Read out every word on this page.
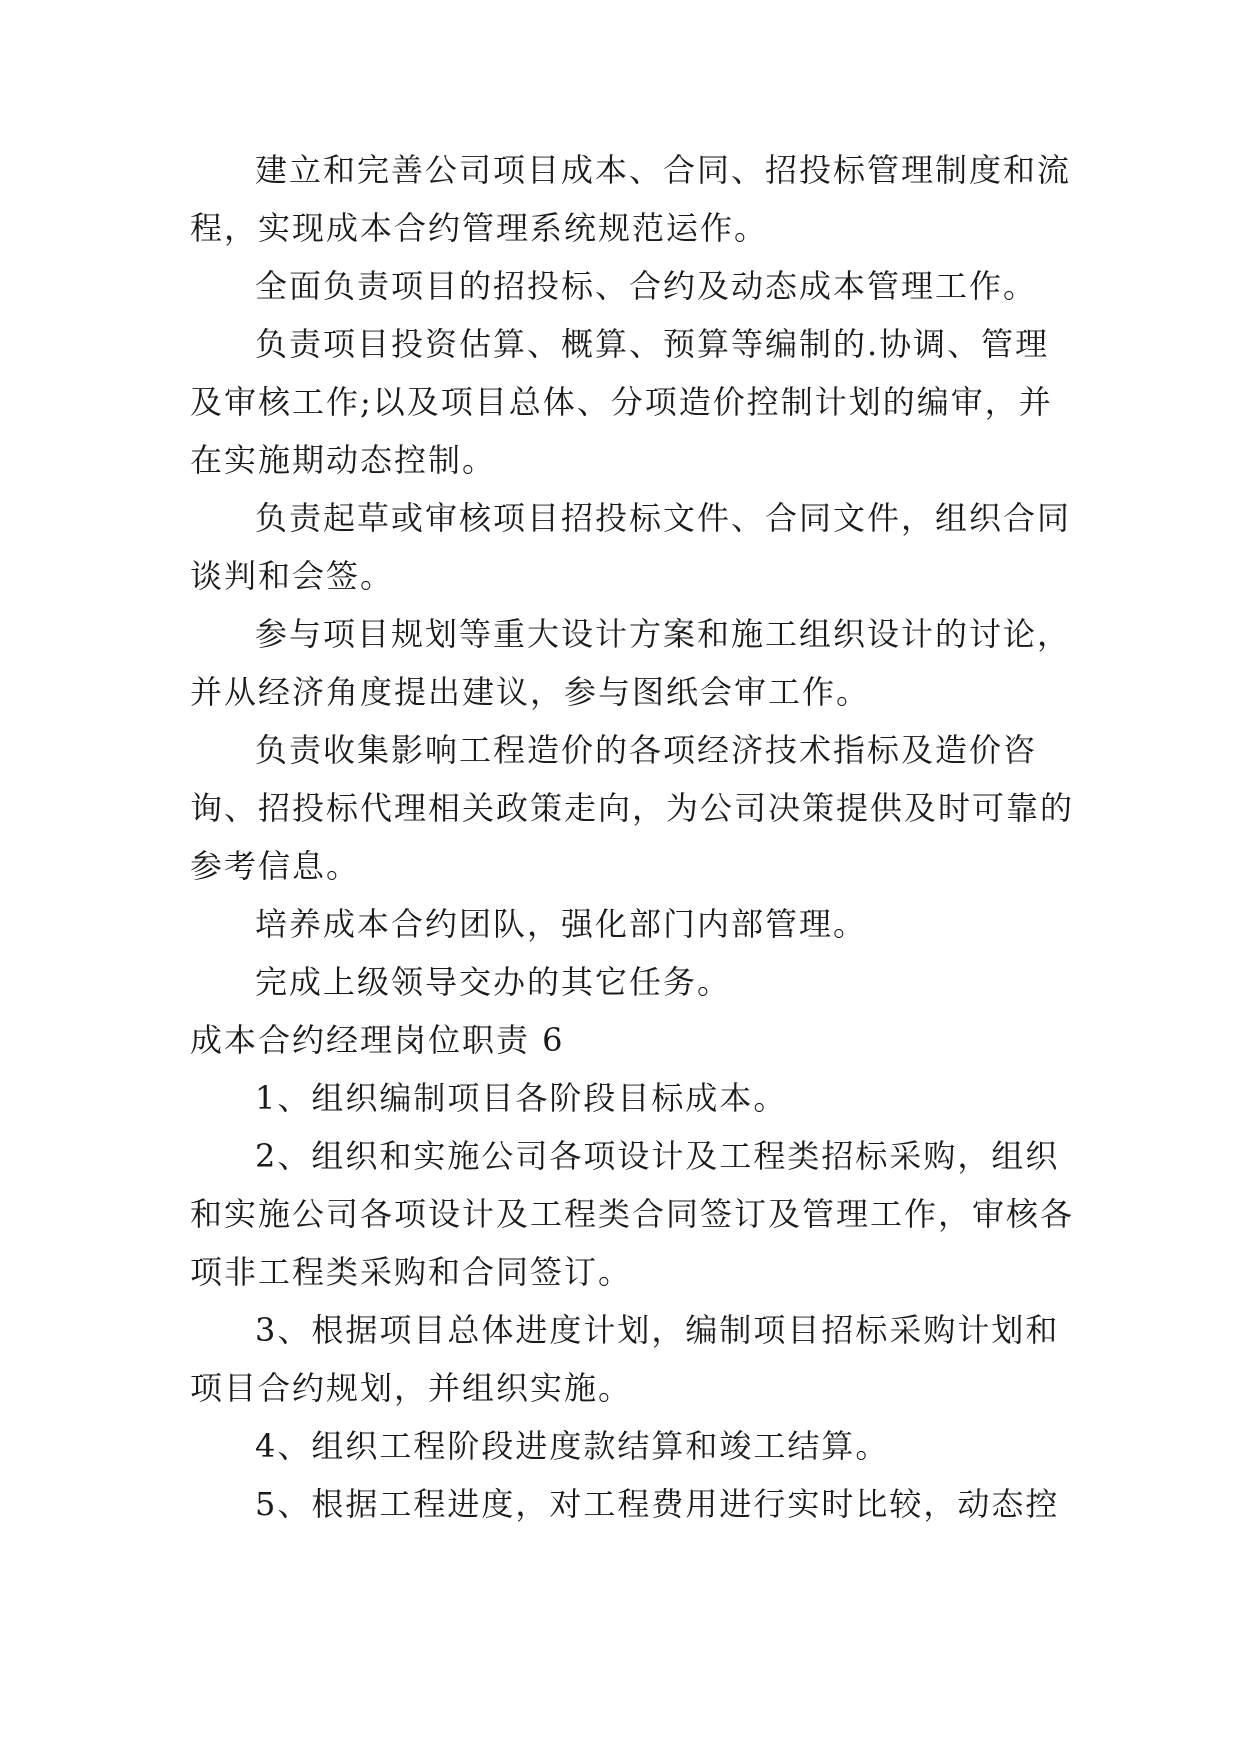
建立和完善公司项目成本、合同、招投标管理制度和流
程，实现成本合约管理系统规范运作。
全面负责项目的招投标、合约及动态成本管理工作。
负责项目投资估算、概算、预算等编制的.协调、管理
及审核工作;以及项目总体、分项造价控制计划的编审，并
在实施期动态控制。
负责起草或审核项目招投标文件、合同文件，组织合同
谈判和会签。
参与项目规划等重大设计方案和施工组织设计的讨论，
并从经济角度提出建议，参与图纸会审工作。
负责收集影响工程造价的各项经济技术指标及造价咨
询、招投标代理相关政策走向，为公司决策提供及时可靠的
参考信息。
培养成本合约团队，强化部门内部管理。
完成上级领导交办的其它任务。
成本合约经理岗位职责 6
1、组织编制项目各阶段目标成本。
2、组织和实施公司各项设计及工程类招标采购，组织
和实施公司各项设计及工程类合同签订及管理工作，审核各
项非工程类采购和合同签订。
3、根据项目总体进度计划，编制项目招标采购计划和
项目合约规划，并组织实施。
4、组织工程阶段进度款结算和竣工结算。
5、根据工程进度，对工程费用进行实时比较，动态控
